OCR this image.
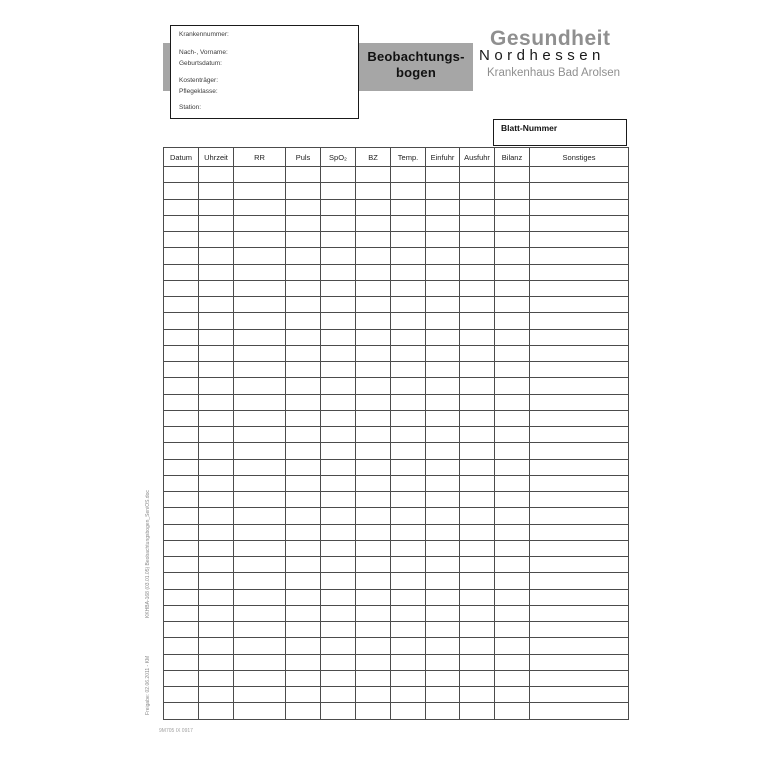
Beobachtungs-
bogen
Krankennummer:
Nach-, Vorname:
Geburtsdatum:
Kostenträger:
Pflegeklasse:
Station:
Gesundheit
Nordhessen
Krankenhaus Bad Arolsen
Blatt-Nummer
Datum	Uhrzeit	RR	Puls	SpO₂	BZ	Temp.	Einfuhr	Ausfuhr	Bilanz	Sonstiges

KKHBA-168 (03.01.05) Beobachtungsbogen_SeniOS.doc
Freigabe: 02.06.2011 - KM
9M705 IX 0917
